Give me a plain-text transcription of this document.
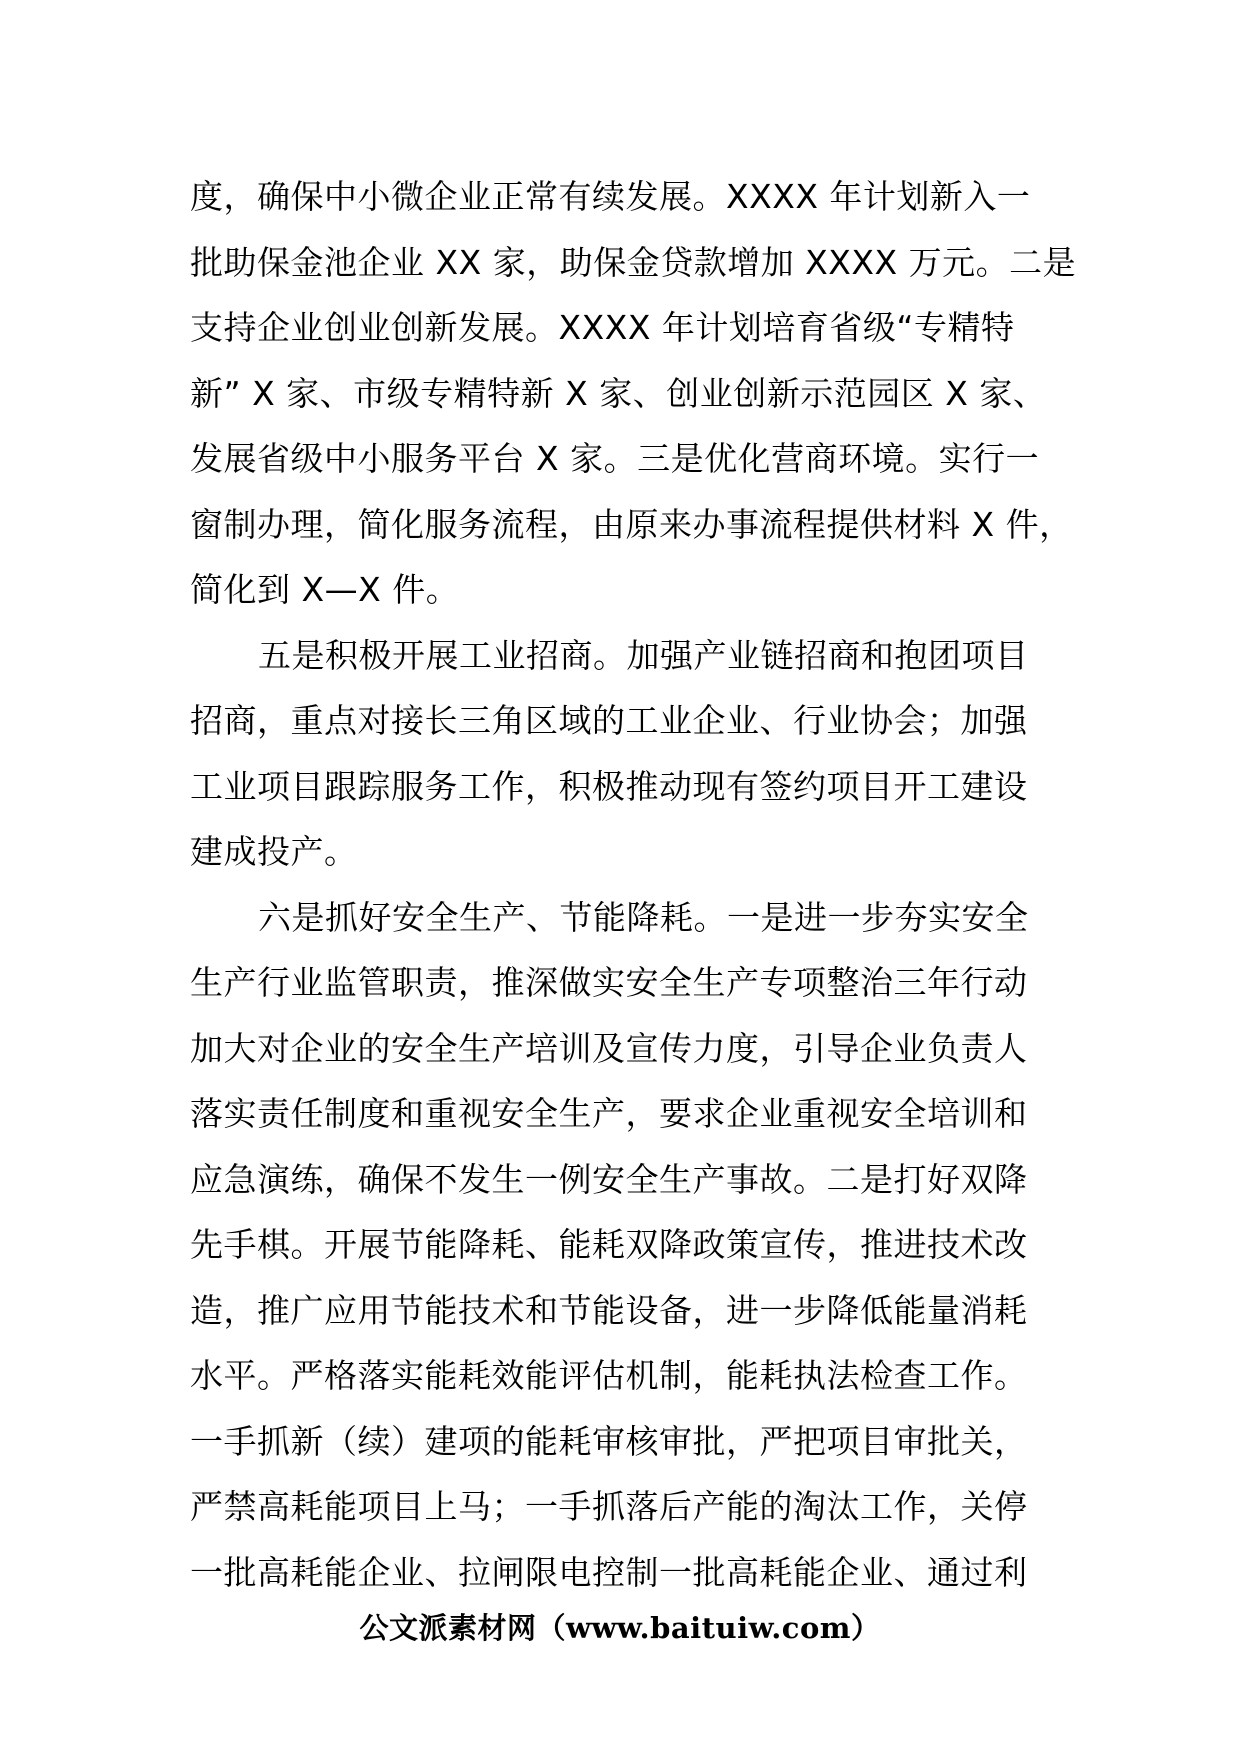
度，确保中小微企业正常有续发展。XXXX 年计划新入一
批助保金池企业 XX 家，助保金贷款增加 XXXX 万元。二是
支持企业创业创新发展。XXXX 年计划培育省级“专精特
新” X 家、市级专精特新 X 家、创业创新示范园区 X 家、
发展省级中小服务平台 X 家。三是优化营商环境。实行一
窗制办理，简化服务流程，由原来办事流程提供材料 X 件，
简化到 X—X 件。
五是积极开展工业招商。加强产业链招商和抱团项目
招商，重点对接长三角区域的工业企业、行业协会；加强
工业项目跟踪服务工作，积极推动现有签约项目开工建设
建成投产。
六是抓好安全生产、节能降耗。一是进一步夯实安全
生产行业监管职责，推深做实安全生产专项整治三年行动
加大对企业的安全生产培训及宣传力度，引导企业负责人
落实责任制度和重视安全生产，要求企业重视安全培训和
应急演练，确保不发生一例安全生产事故。二是打好双降
先手棋。开展节能降耗、能耗双降政策宣传，推进技术改
造，推广应用节能技术和节能设备，进一步降低能量消耗
水平。严格落实能耗效能评估机制，能耗执法检查工作。
一手抓新（续）建项的能耗审核审批，严把项目审批关，
严禁高耗能项目上马；一手抓落后产能的淘汰工作，关停
一批高耗能企业、拉闸限电控制一批高耗能企业、通过利
公文派素材网（www.baituiw.com）
